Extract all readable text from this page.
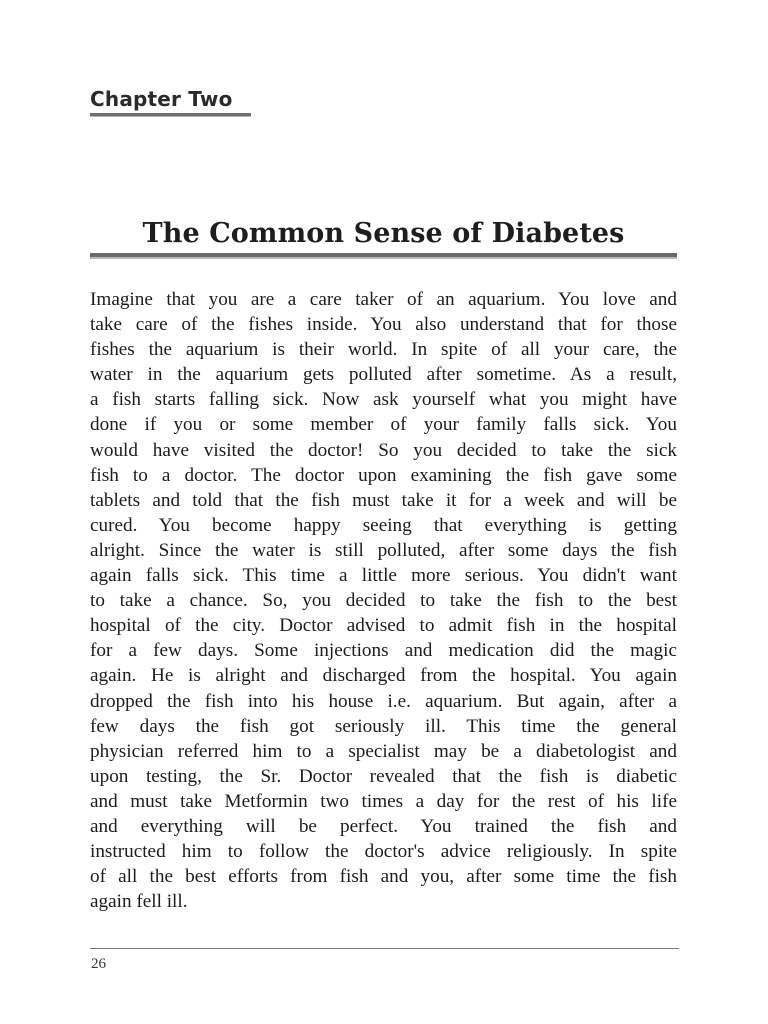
Chapter Two
The Common Sense of Diabetes
Imagine that you are a care taker of an aquarium. You love and
take care of the fishes inside. You also understand that for those
fishes the aquarium is their world. In spite of all your care, the
water in the aquarium gets polluted after sometime. As a result,
a fish starts falling sick. Now ask yourself what you might have
done if you or some member of your family falls sick. You
would have visited the doctor! So you decided to take the sick
fish to a doctor. The doctor upon examining the fish gave some
tablets and told that the fish must take it for a week and will be
cured. You become happy seeing that everything is getting
alright. Since the water is still polluted, after some days the fish
again falls sick. This time a little more serious. You didn't want
to take a chance. So, you decided to take the fish to the best
hospital of the city. Doctor advised to admit fish in the hospital
for a few days. Some injections and medication did the magic
again. He is alright and discharged from the hospital. You again
dropped the fish into his house i.e. aquarium. But again, after a
few days the fish got seriously ill. This time the general
physician referred him to a specialist may be a diabetologist and
upon testing, the Sr. Doctor revealed that the fish is diabetic
and must take Metformin two times a day for the rest of his life
and everything will be perfect. You trained the fish and
instructed him to follow the doctor's advice religiously. In spite
of all the best efforts from fish and you, after some time the fish
again fell ill.
26
